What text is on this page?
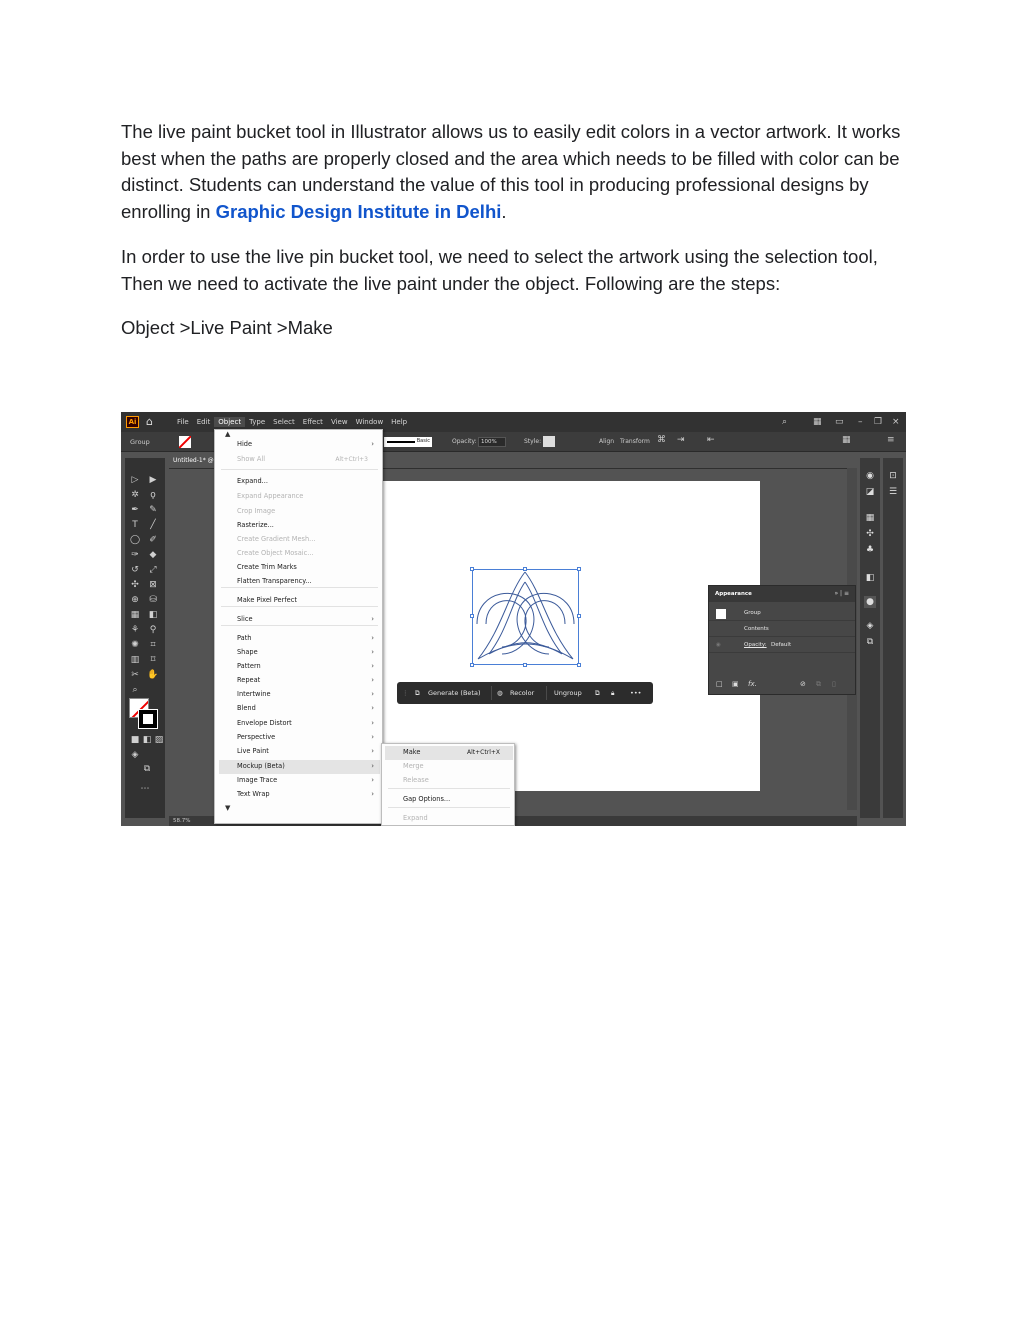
The live paint bucket tool in Illustrator allows us to easily edit colors in a vector artwork. It works best when the paths are properly closed and the area which needs to be filled with color can be distinct. Students can understand the value of this tool in producing professional designs by enrolling in Graphic Design Institute in Delhi.
In order to use the live pin bucket tool, we need to select the artwork using the selection tool, Then we need to activate the live paint under the object. Following are the steps:
Object >Live Paint >Make
Ai ⌂	File	Edit	Object	Type	Select	Effect	View	Window	Help	⌕	▦ ▭ – ❐ ×
Group	Basic	Opacity: 100%	Style:	Align Transform ⌘ ⇥ ⇤	▦	≡
▷ ▶
✲	ϙ
✒ ✎
T	╱
◯ ✐
✑ ◆
↺ ⤢
✣ ⊠
⊕ ⛁
▦ ◧
⚘	⚲
✺	⌗
▥	⌑
✂ ✋
⌕
■ ◧ ▨
◈
⧉
⋯
Untitled-1* @
⋮ ⧉ Generate (Beta)	◍ Recolor	Ungroup ⧉ 🔒︎ •••
◉
◪
▦
✣
♣
◧
●
◈
⧉
⊡
☰
Appearance	» | ≡
Group
Contents
◉	Opacity: Default
□ ▣ fx.	⊘ ⧉ ▯
58.7%
▲
Hide	›
Show All	Alt+Ctrl+3
Expand...
Expand Appearance
Crop Image
Rasterize...
Create Gradient Mesh...
Create Object Mosaic...
Create Trim Marks
Flatten Transparency...
Make Pixel Perfect
Slice	›
Path	›
Shape	›
Pattern	›
Repeat	›
Intertwine	›
Blend	›
Envelope Distort	›
Perspective	›
Live Paint	›
Mockup (Beta)	›
Image Trace	›
Text Wrap	›
▼
Make	Alt+Ctrl+X
Merge
Release
Gap Options...
Expand
